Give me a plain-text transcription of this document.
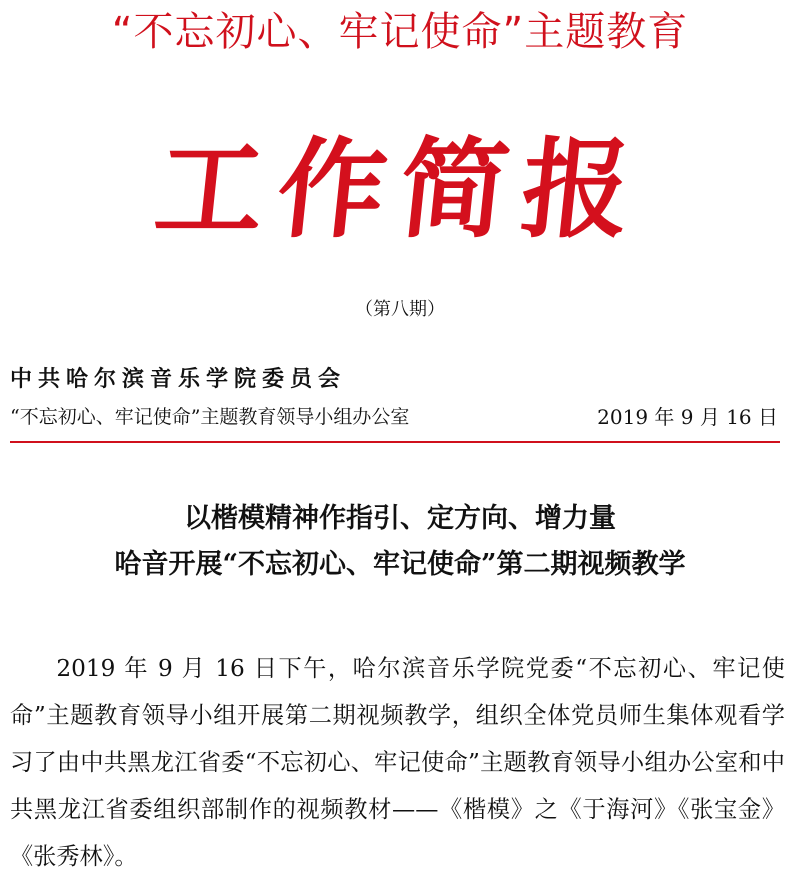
“不忘初心、牢记使命”主题教育
工作简报
（第八期）
中共哈尔滨音乐学院委员会
“不忘初心、牢记使命”主题教育领导小组办公室	2019 年 9 月 16 日
以楷模精神作指引、定方向、增力量
哈音开展“不忘初心、牢记使命”第二期视频教学

2019 年 9 月 16 日下午，哈尔滨音乐学院党委“不忘初心、牢记使命”主题教育领导小组开展第二期视频教学，组织全体党员师生集体观看学习了由中共黑龙江省委“不忘初心、牢记使命”主题教育领导小组办公室和中共黑龙江省委组织部制作的视频教材——《楷模》之《于海河》《张宝金》《张秀林》。
